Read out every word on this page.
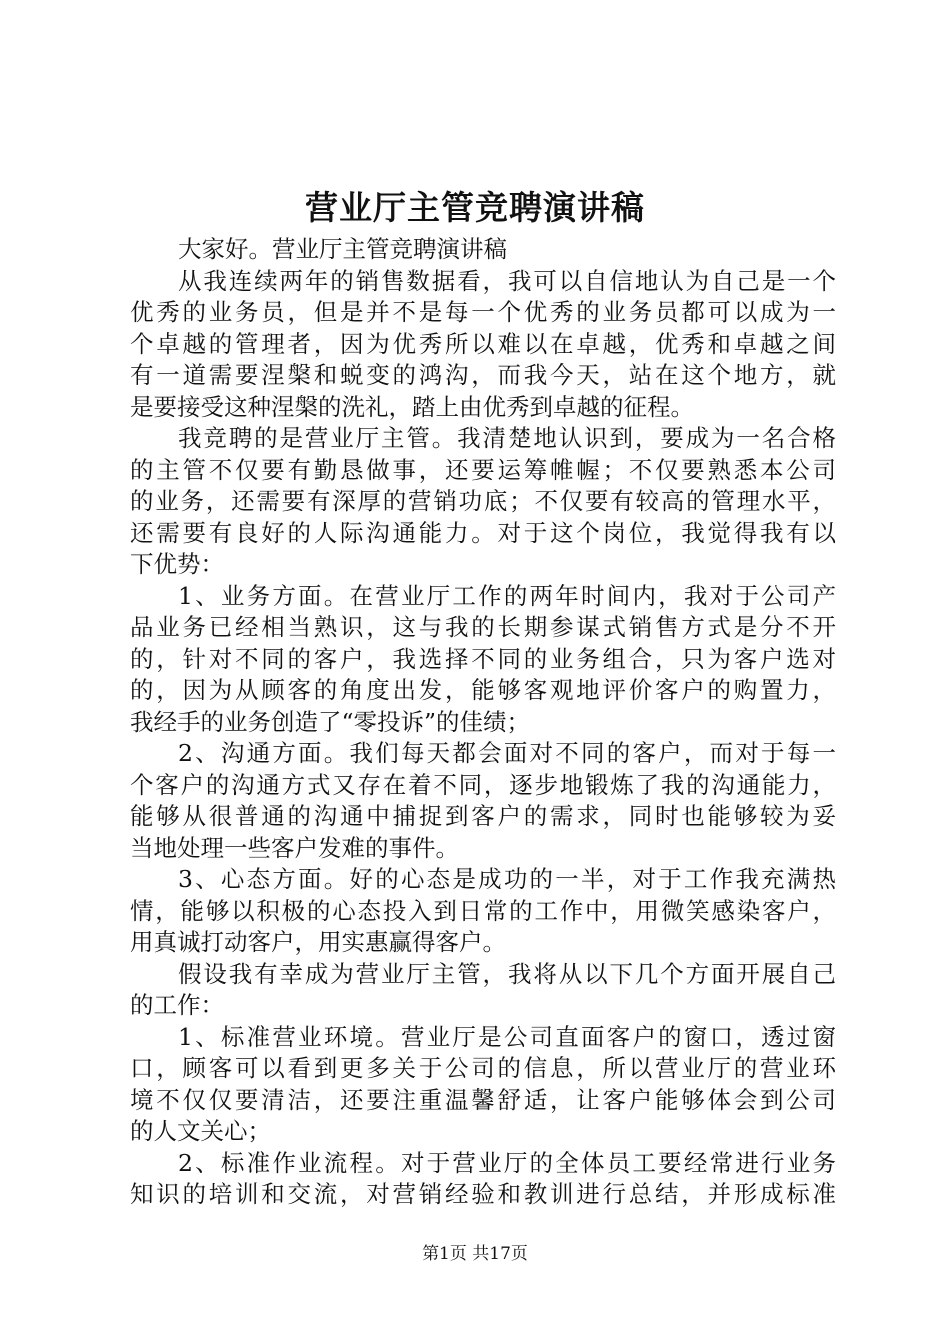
营业厅主管竞聘演讲稿
大家好。营业厅主管竞聘演讲稿
从我连续两年的销售数据看，我可以自信地认为自己是一个
优秀的业务员，但是并不是每一个优秀的业务员都可以成为一
个卓越的管理者，因为优秀所以难以在卓越，优秀和卓越之间
有一道需要涅槃和蜕变的鸿沟，而我今天，站在这个地方，就
是要接受这种涅槃的洗礼，踏上由优秀到卓越的征程。
我竞聘的是营业厅主管。我清楚地认识到，要成为一名合格
的主管不仅要有勤恳做事，还要运筹帷幄；不仅要熟悉本公司
的业务，还需要有深厚的营销功底；不仅要有较高的管理水平，
还需要有良好的人际沟通能力。对于这个岗位，我觉得我有以
下优势：
1、业务方面。在营业厅工作的两年时间内，我对于公司产
品业务已经相当熟识，这与我的长期参谋式销售方式是分不开
的，针对不同的客户，我选择不同的业务组合，只为客户选对
的，因为从顾客的角度出发，能够客观地评价客户的购置力，
我经手的业务创造了“零投诉”的佳绩；
2、沟通方面。我们每天都会面对不同的客户，而对于每一
个客户的沟通方式又存在着不同，逐步地锻炼了我的沟通能力，
能够从很普通的沟通中捕捉到客户的需求，同时也能够较为妥
当地处理一些客户发难的事件。
3、心态方面。好的心态是成功的一半，对于工作我充满热
情，能够以积极的心态投入到日常的工作中，用微笑感染客户，
用真诚打动客户，用实惠赢得客户。
假设我有幸成为营业厅主管，我将从以下几个方面开展自己
的工作：
1、标准营业环境。营业厅是公司直面客户的窗口，透过窗
口，顾客可以看到更多关于公司的信息，所以营业厅的营业环
境不仅仅要清洁，还要注重温馨舒适，让客户能够体会到公司
的人文关心；
2、标准作业流程。对于营业厅的全体员工要经常进行业务
知识的培训和交流，对营销经验和教训进行总结，并形成标准
第1页 共17页
